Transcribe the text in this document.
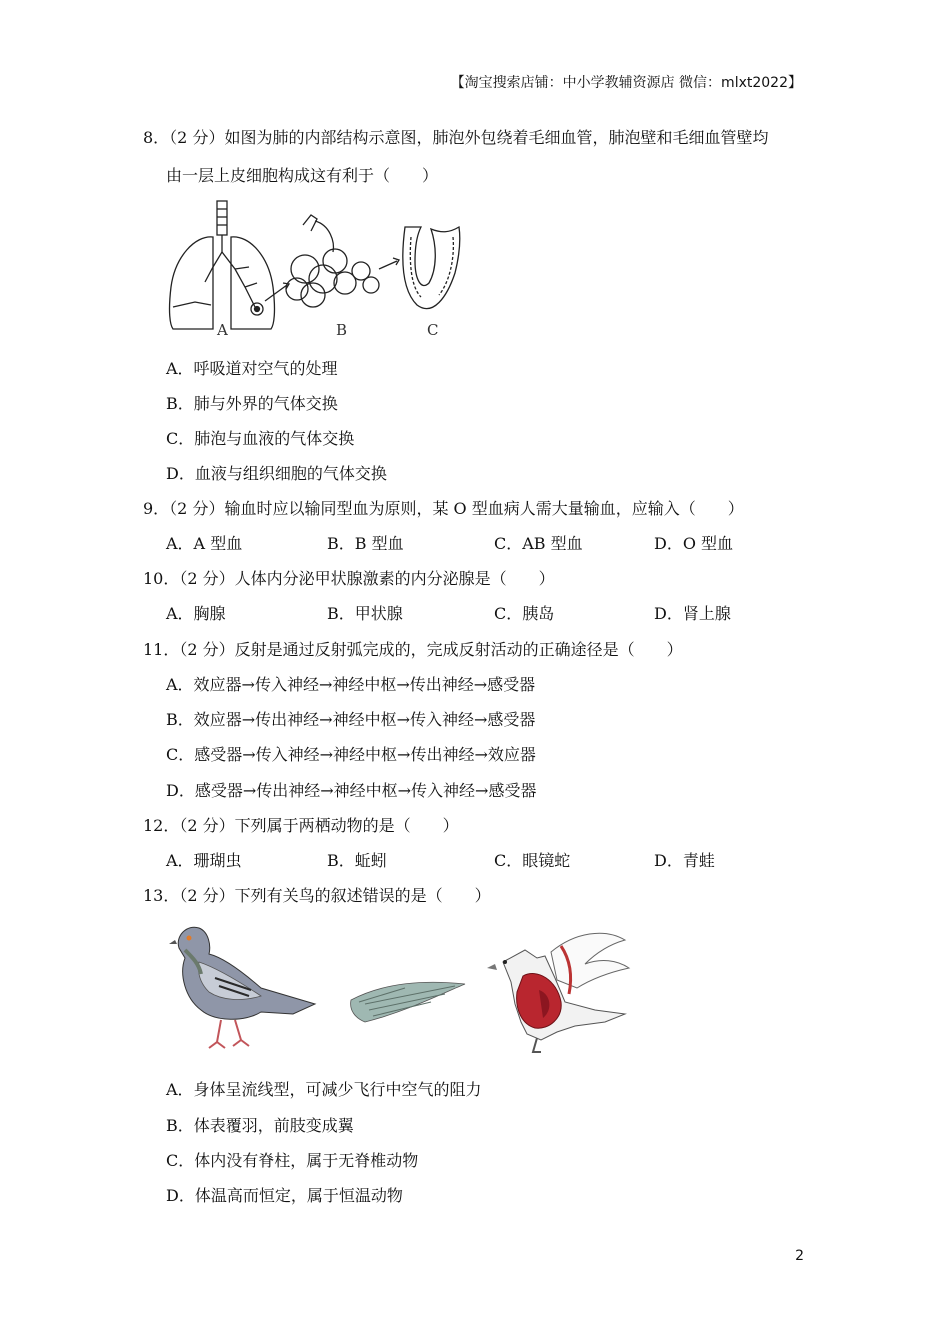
【淘宝搜索店铺：中小学教辅资源店 微信：mlxt2022】
8．（2 分）如图为肺的内部结构示意图，肺泡外包绕着毛细血管，肺泡壁和毛细血管壁均
由一层上皮细胞构成这有利于（　　）
A	B	C
A．呼吸道对空气的处理
B．肺与外界的气体交换
C．肺泡与血液的气体交换
D．血液与组织细胞的气体交换
9．（2 分）输血时应以输同型血为原则，某 O 型血病人需大量输血，应输入（　　）
A．A 型血	B．B 型血	C．AB 型血	D．O 型血
10．（2 分）人体内分泌甲状腺激素的内分泌腺是（　　）
A．胸腺	B．甲状腺	C．胰岛	D．肾上腺
11．（2 分）反射是通过反射弧完成的，完成反射活动的正确途径是（　　）
A．效应器→传入神经→神经中枢→传出神经→感受器
B．效应器→传出神经→神经中枢→传入神经→感受器
C．感受器→传入神经→神经中枢→传出神经→效应器
D．感受器→传出神经→神经中枢→传入神经→感受器
12．（2 分）下列属于两栖动物的是（　　）
A．珊瑚虫	B．蚯蚓	C．眼镜蛇	D．青蛙
13．（2 分）下列有关鸟的叙述错误的是（　　）
A．身体呈流线型，可减少飞行中空气的阻力
B．体表覆羽，前肢变成翼
C．体内没有脊柱，属于无脊椎动物
D．体温高而恒定，属于恒温动物
2
